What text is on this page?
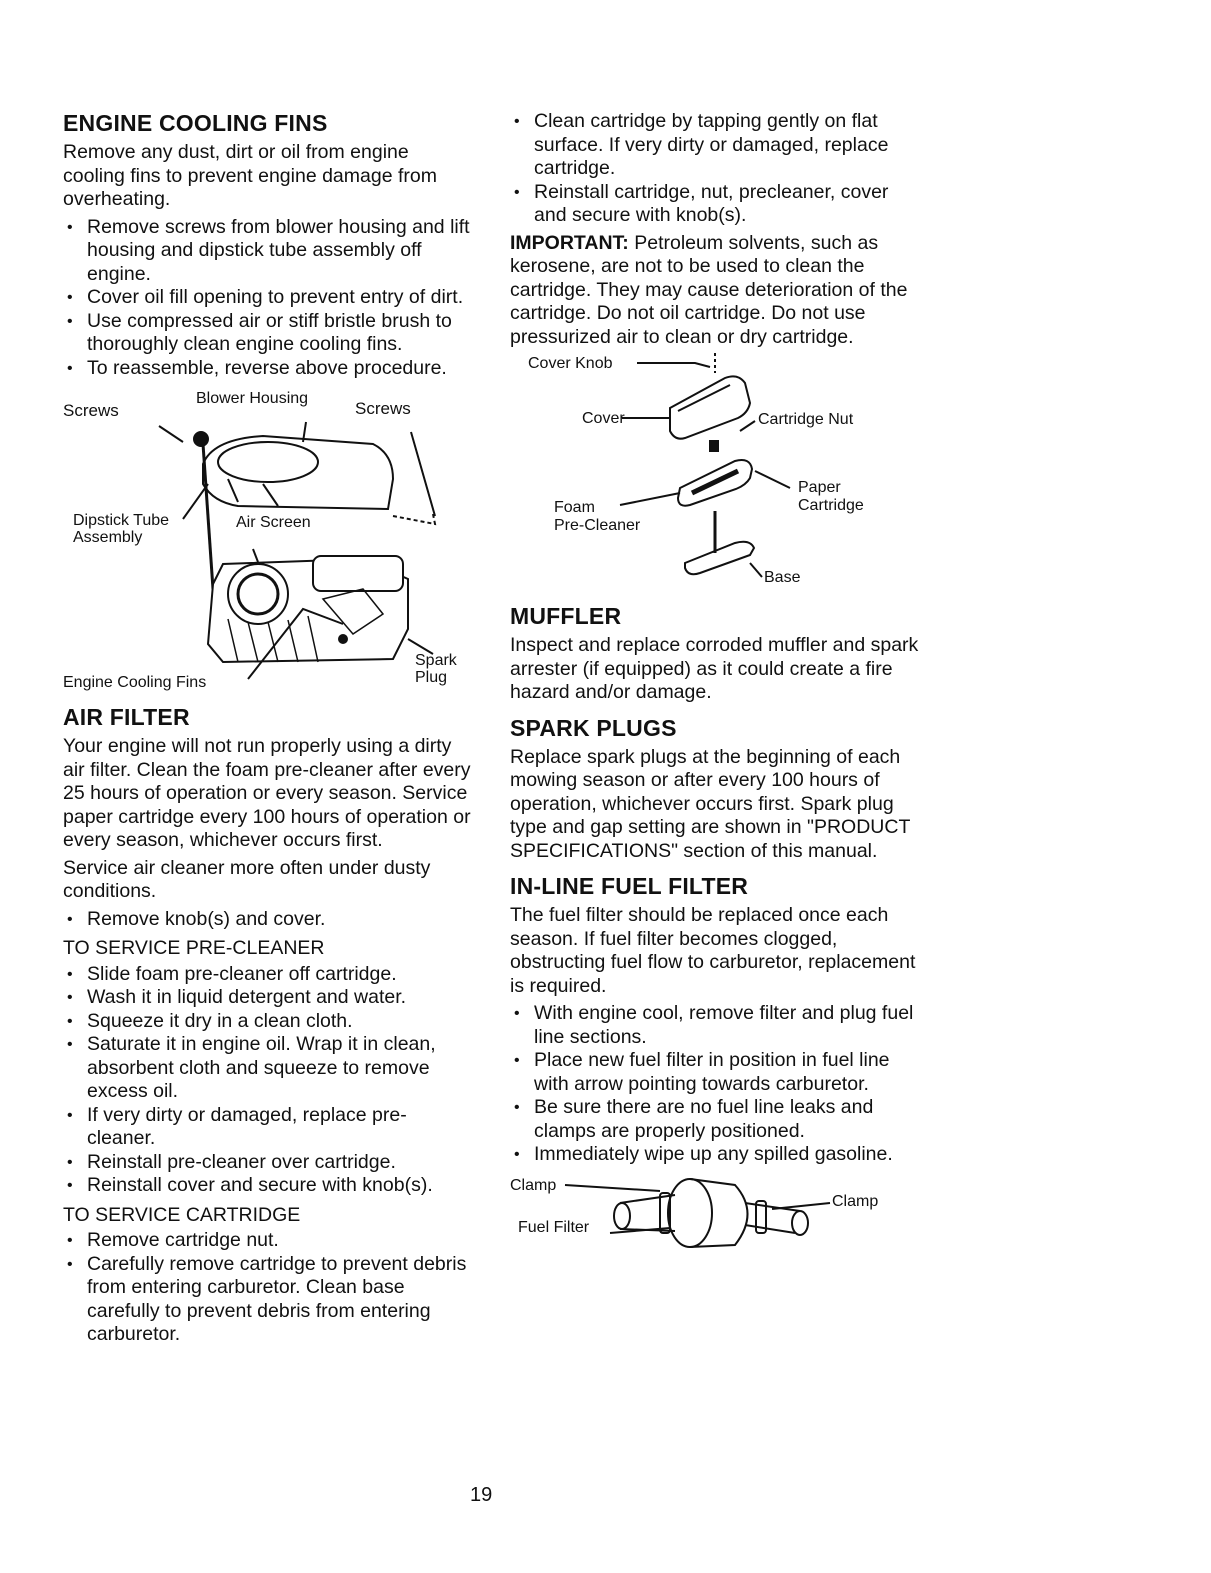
ENGINE COOLING FINS

Remove any dust, dirt or oil from engine cooling fins to prevent engine damage from overheating.

• Remove screws from blower housing and lift housing and dipstick tube assembly off engine.
• Cover oil fill opening to prevent entry of dirt.
• Use compressed air or stiff bristle brush to thoroughly clean engine cooling fins.
• To reassemble, reverse above procedure.
Screws
Blower Housing
Screws
Dipstick Tube
Assembly
Air Screen
Engine Cooling Fins
Spark
Plug
AIR FILTER

Your engine will not run properly using a dirty air filter. Clean the foam pre-cleaner after every 25 hours of operation or every season. Service paper cartridge every 100 hours of operation or every season, whichever occurs first.

Service air cleaner more often under dusty conditions.

• Remove knob(s) and cover.
TO SERVICE PRE-CLEANER
• Slide foam pre-cleaner off cartridge.
• Wash it in liquid detergent and water.
• Squeeze it dry in a clean cloth.
• Saturate it in engine oil. Wrap it in clean, absorbent cloth and squeeze to remove excess oil.
• If very dirty or damaged, replace pre-cleaner.
• Reinstall pre-cleaner over cartridge.
• Reinstall cover and secure with knob(s).
TO SERVICE CARTRIDGE
• Remove cartridge nut.
• Carefully remove cartridge to prevent debris from entering carburetor. Clean base carefully to prevent debris from entering carburetor.
• Clean cartridge by tapping gently on flat surface. If very dirty or damaged, replace cartridge.
• Reinstall cartridge, nut, precleaner, cover and secure with knob(s).

IMPORTANT: Petroleum solvents, such as kerosene, are not to be used to clean the cartridge. They may cause deterioration of the cartridge. Do not oil cartridge. Do not use pressurized air to clean or dry cartridge.

Cover Knob
Cover	Cartridge Nut
Foam
Pre-Cleaner
Paper
Cartridge
Base
MUFFLER

Inspect and replace corroded muffler and spark arrester (if equipped) as it could create a fire hazard and/or damage.

SPARK PLUGS

Replace spark plugs at the beginning of each mowing season or after every 100 hours of operation, whichever occurs first. Spark plug type and gap setting are shown in "PRODUCT SPECIFICATIONS" section of this manual.

IN-LINE FUEL FILTER

The fuel filter should be replaced once each season. If fuel filter becomes clogged, obstructing fuel flow to carburetor, replacement is required.

• With engine cool, remove filter and plug fuel line sections.
• Place new fuel filter in position in fuel line with arrow pointing towards carburetor.
• Be sure there are no fuel line leaks and clamps are properly positioned.
• Immediately wipe up any spilled gasoline.
Clamp
Fuel Filter
Clamp
19
